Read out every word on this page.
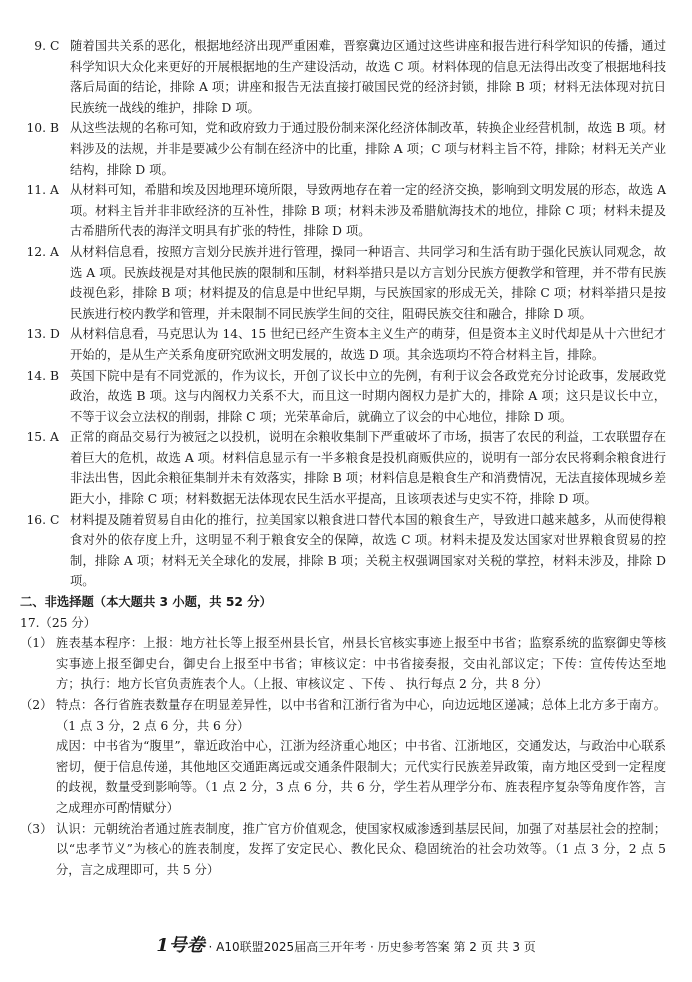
9. C 随着国共关系的恶化，根据地经济出现严重困难，晋察冀边区通过这些讲座和报告进行科学知识的传播，通过科学知识大众化来更好的开展根据地的生产建设活动，故选 C 项。材料体现的信息无法得出改变了根据地科技落后局面的结论，排除 A 项；讲座和报告无法直接打破国民党的经济封锁，排除 B 项；材料无法体现对抗日民族统一战线的维护，排除 D 项。
10. B 从这些法规的名称可知，党和政府致力于通过股份制来深化经济体制改革，转换企业经营机制，故选 B 项。材料涉及的法规，并非是要减少公有制在经济中的比重，排除 A 项；C 项与材料主旨不符，排除；材料无关产业结构，排除 D 项。
11. A 从材料可知，希腊和埃及因地理环境所限，导致两地存在着一定的经济交换，影响到文明发展的形态，故选 A 项。材料主旨并非非欧经济的互补性，排除 B 项；材料未涉及希腊航海技术的地位，排除 C 项；材料未提及古希腊所代表的海洋文明具有扩张的特性，排除 D 项。
12. A 从材料信息看，按照方言划分民族并进行管理，操同一种语言、共同学习和生活有助于强化民族认同观念，故选 A 项。民族歧视是对其他民族的限制和压制，材料举措只是以方言划分民族方便教学和管理，并不带有民族歧视色彩，排除 B 项；材料提及的信息是中世纪早期，与民族国家的形成无关，排除 C 项；材料举措只是按民族进行校内教学和管理，并未限制不同民族学生间的交往，阻碍民族交往和融合，排除 D 项。
13. D 从材料信息看，马克思认为 14、15 世纪已经产生资本主义生产的萌芽，但是资本主义时代却是从十六世纪才开始的，是从生产关系角度研究欧洲文明发展的，故选 D 项。其余选项均不符合材料主旨，排除。
14. B 英国下院中是有不同党派的，作为议长，开创了议长中立的先例，有利于议会各政党充分讨论政事，发展政党政治，故选 B 项。这与内阁权力关系不大，而且这一时期内阁权力是扩大的，排除 A 项；这只是议长中立，不等于议会立法权的削弱，排除 C 项；光荣革命后，就确立了议会的中心地位，排除 D 项。
15. A 正常的商品交易行为被冠之以投机，说明在余粮收集制下严重破坏了市场，损害了农民的利益，工农联盟存在着巨大的危机，故选 A 项。材料信息显示有一半多粮食是投机商贩供应的，说明有一部分农民将剩余粮食进行非法出售，因此余粮征集制并未有效落实，排除 B 项；材料信息是粮食生产和消费情况，无法直接体现城乡差距大小，排除 C 项；材料数据无法体现农民生活水平提高，且该项表述与史实不符，排除 D 项。
16. C 材料提及随着贸易自由化的推行，拉美国家以粮食进口替代本国的粮食生产，导致进口越来越多，从而使得粮食对外的依存度上升，这明显不利于粮食安全的保障，故选 C 项。材料未提及发达国家对世界粮食贸易的控制，排除 A 项；材料无关全球化的发展，排除 B 项；关税主权强调国家对关税的掌控，材料未涉及，排除 D 项。
二、非选择题（本大题共 3 小题，共 52 分）
17.（25 分）
（1） 旌表基本程序：上报：地方社长等上报至州县长官，州县长官核实事迹上报至中书省；监察系统的监察御史等核实事迹上报至御史台，御史台上报至中书省；审核议定：中书省接奏报，交由礼部议定；下传：宣传传达至地方；执行：地方长官负责旌表个人。（上报、审核议定 、下传 、 执行每点 2 分，共 8 分）
（2） 特点：各行省旌表数量存在明显差异性，以中书省和江浙行省为中心，向边远地区递减；总体上北方多于南方。（1 点 3 分，2 点 6 分，共 6 分）
成因：中书省为“腹里”，靠近政治中心，江浙为经济重心地区；中书省、江浙地区，交通发达，与政治中心联系密切，便于信息传递，其他地区交通距离远或交通条件限制大；元代实行民族差异政策，南方地区受到一定程度的歧视，数量受到影响等。（1 点 2 分，3 点 6 分，共 6 分，学生若从理学分布、旌表程序复杂等角度作答，言之成理亦可酌情赋分）
（3） 认识：元朝统治者通过旌表制度，推广官方价值观念，使国家权威渗透到基层民间，加强了对基层社会的控制；以“忠孝节义”为核心的旌表制度，发挥了安定民心、教化民众、稳固统治的社会功效等。（1 点 3 分，2 点 5 分，言之成理即可，共 5 分）
1号卷 · A10联盟2025届高三开年考 · 历史参考答案 第 2 页 共 3 页
